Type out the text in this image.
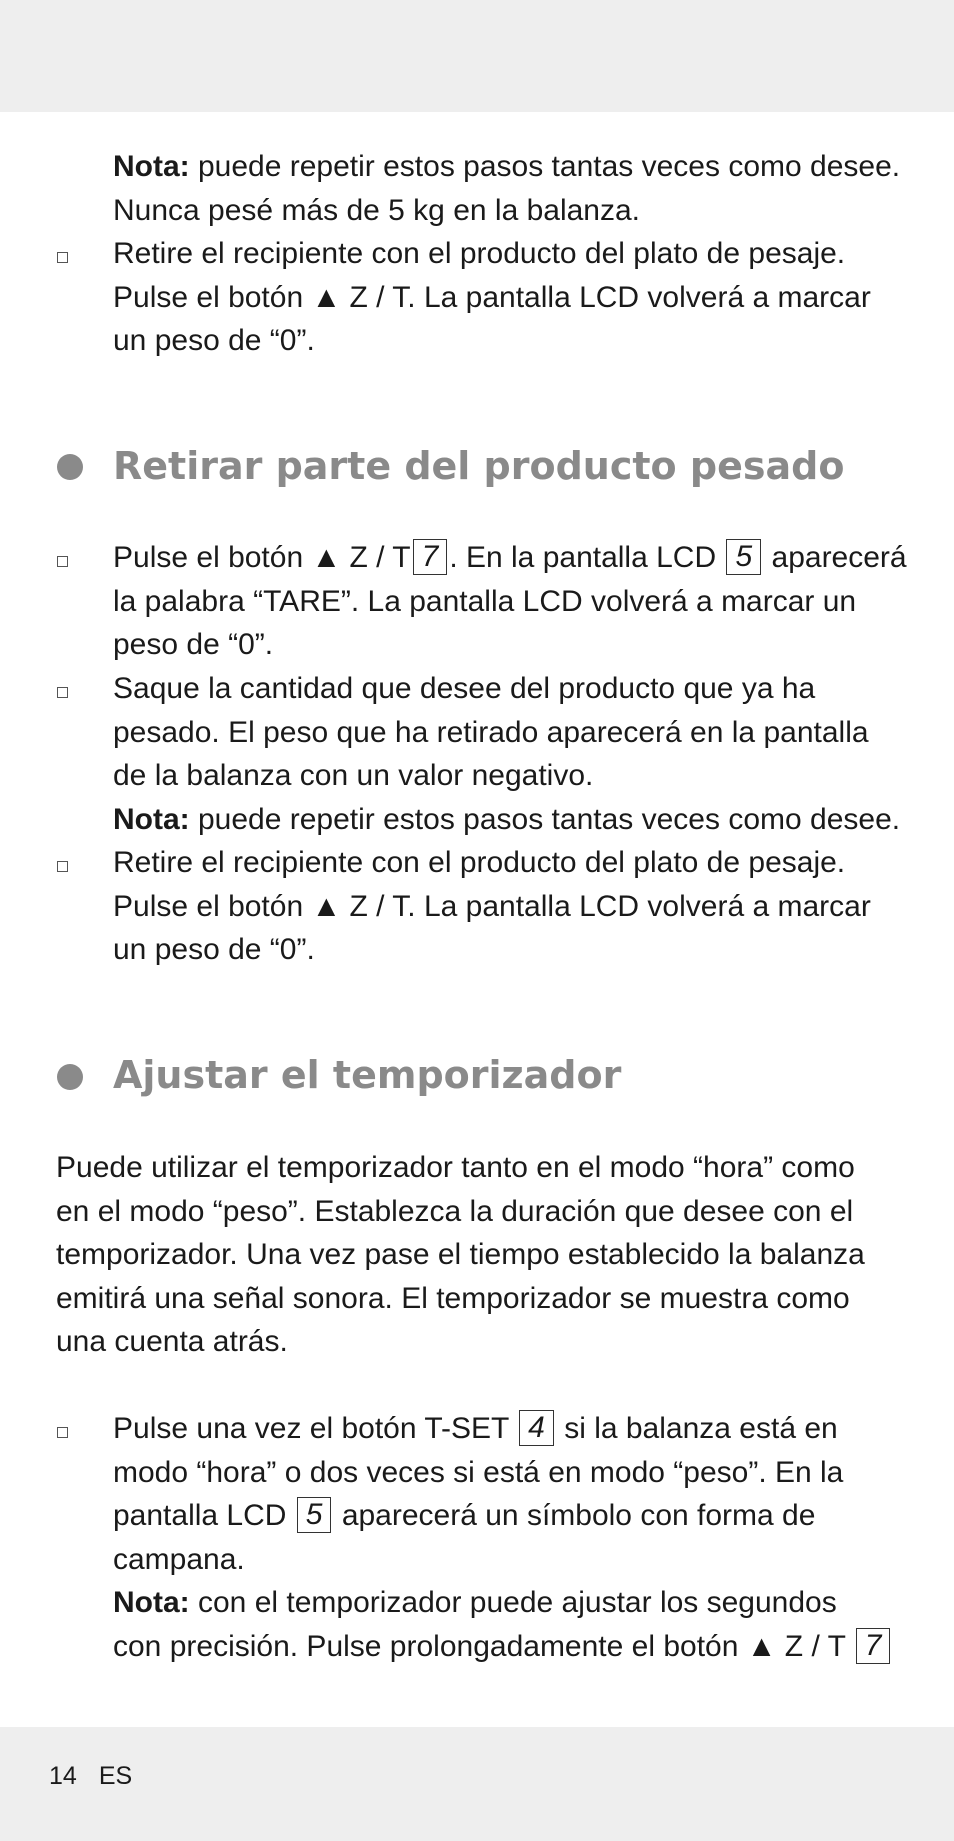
Nota: puede repetir estos pasos tantas veces como desee.
Nunca pesé más de 5 kg en la balanza.
Retire el recipiente con el producto del plato de pesaje.
Pulse el botón ▲ Z / T. La pantalla LCD volverá a marcar
un peso de “0”.
Retirar parte del producto pesado
Pulse el botón ▲ Z / T 7 . En la pantalla LCD 5 aparecerá
la palabra “TARE”. La pantalla LCD volverá a marcar un
peso de “0”.
Saque la cantidad que desee del producto que ya ha
pesado. El peso que ha retirado aparecerá en la pantalla
de la balanza con un valor negativo.
Nota: puede repetir estos pasos tantas veces como desee.
Retire el recipiente con el producto del plato de pesaje.
Pulse el botón ▲ Z / T. La pantalla LCD volverá a marcar
un peso de “0”.
Ajustar el temporizador
Puede utilizar el temporizador tanto en el modo “hora” como
en el modo “peso”. Establezca la duración que desee con el
temporizador. Una vez pase el tiempo establecido la balanza
emitirá una señal sonora. El temporizador se muestra como
una cuenta atrás.
Pulse una vez el botón T-SET 4 si la balanza está en
modo “hora” o dos veces si está en modo “peso”. En la
pantalla LCD 5 aparecerá un símbolo con forma de
campana.
Nota: con el temporizador puede ajustar los segundos
con precisión. Pulse prolongadamente el botón ▲ Z / T 7
14 ES
